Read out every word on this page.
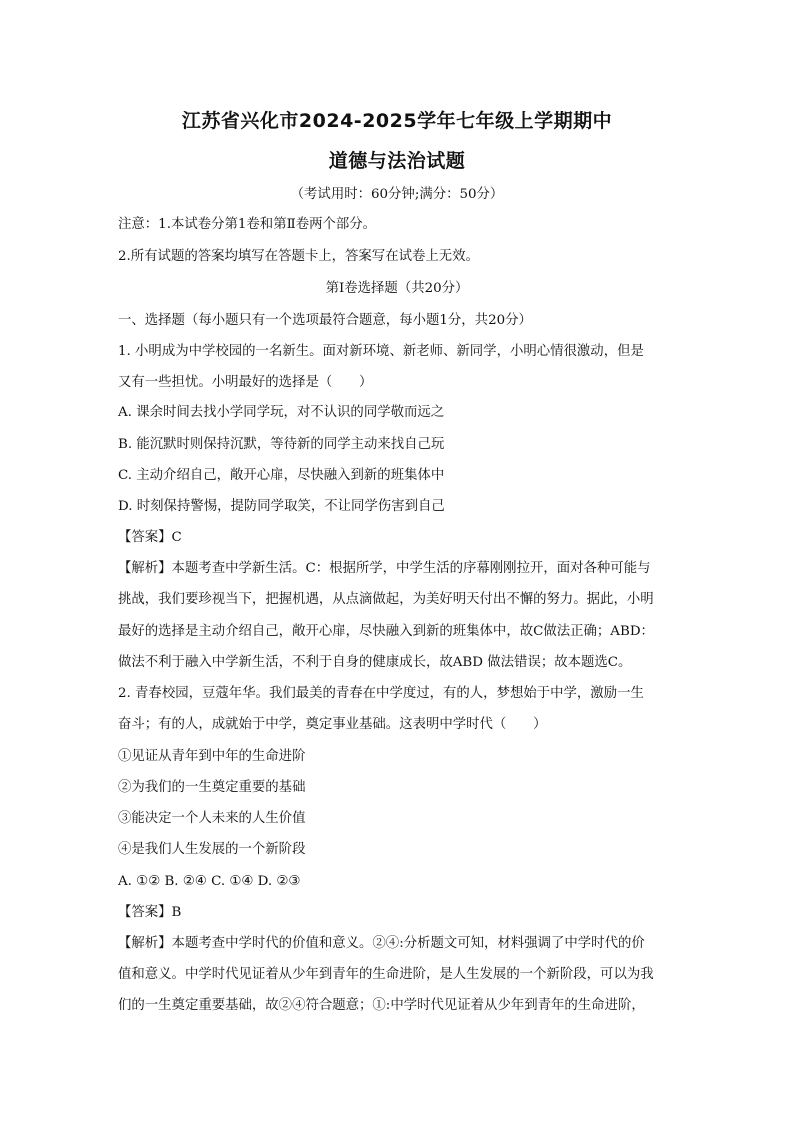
江苏省兴化市2024-2025学年七年级上学期期中
道德与法治试题
（考试用时：60分钟;满分：50分）
注意：1.本试卷分第1卷和第Ⅱ卷两个部分。
2.所有试题的答案均填写在答题卡上，答案写在试卷上无效。
第Ⅰ卷选择题（共20分）
一、选择题（每小题只有一个选项最符合题意，每小题1分，共20分）
1. 小明成为中学校园的一名新生。面对新环境、新老师、新同学，小明心情很激动，但是
又有一些担忧。小明最好的选择是（　　）
A. 课余时间去找小学同学玩，对不认识的同学敬而远之
B. 能沉默时则保持沉默，等待新的同学主动来找自己玩
C. 主动介绍自己，敞开心扉，尽快融入到新的班集体中
D. 时刻保持警惕，提防同学取笑，不让同学伤害到自己
【答案】C
【解析】本题考查中学新生活。C：根据所学，中学生活的序幕刚刚拉开，面对各种可能与
挑战，我们要珍视当下，把握机遇，从点滴做起，为美好明天付出不懈的努力。据此，小明
最好的选择是主动介绍自己，敞开心扉，尽快融入到新的班集体中，故C做法正确；ABD：
做法不利于融入中学新生活，不利于自身的健康成长，故ABD 做法错误；故本题选C。
2. 青春校园，豆蔻年华。我们最美的青春在中学度过，有的人，梦想始于中学，激励一生
奋斗；有的人，成就始于中学，奠定事业基础。这表明中学时代（　　）
①见证从青年到中年的生命进阶
②为我们的一生奠定重要的基础
③能决定一个人未来的人生价值
④是我们人生发展的一个新阶段
A. ①② B. ②④ C. ①④ D. ②③
【答案】B
【解析】本题考查中学时代的价值和意义。②④:分析题文可知，材料强调了中学时代的价
值和意义。中学时代见证着从少年到青年的生命进阶，是人生发展的一个新阶段，可以为我
们的一生奠定重要基础，故②④符合题意；①:中学时代见证着从少年到青年的生命进阶，
